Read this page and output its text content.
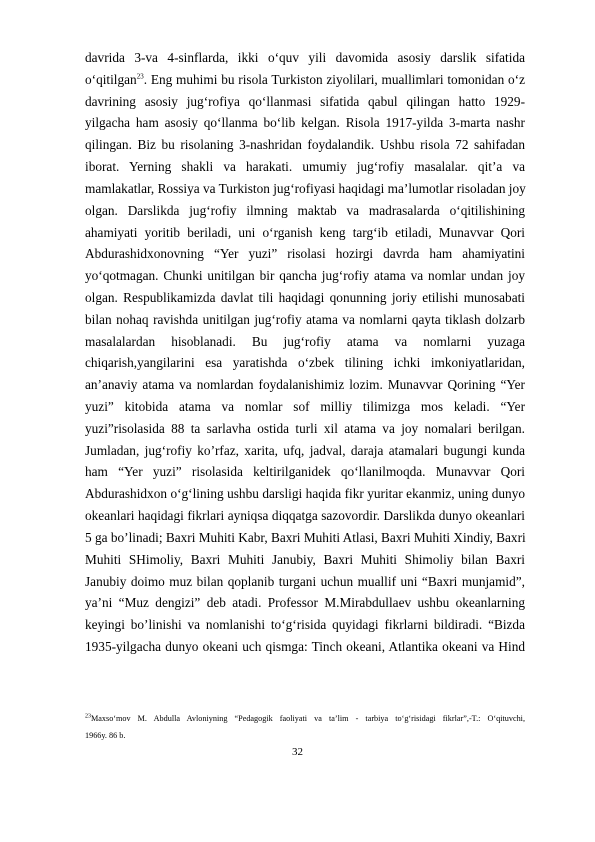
davrida 3-va 4-sinflarda, ikki o‘quv yili davomida asosiy darslik sifatida
o‘qitilgan$^{23}$. Eng muhimi bu risola Turkiston ziyolilari, muallimlari tomonidan o‘z
davrining asosiy jug‘rofiya qo‘llanmasi sifatida qabul qilingan hatto 1929-
yilgacha ham asosiy qo‘llanma bo‘lib kelgan. Risola 1917-yilda 3-marta nashr
qilingan. Biz bu risolaning 3-nashridan foydalandik. Ushbu risola 72 sahifadan
iborat. Yerning shakli va harakati. umumiy jug‘rofiy masalalar. qit’a va
mamlakatlar, Rossiya va Turkiston jug‘rofiyasi haqidagi ma’lumotlar risoladan joy
olgan. Darslikda jug‘rofiy ilmning maktab va madrasalarda o‘qitilishining
ahamiyati yoritib beriladi, uni o‘rganish keng targ‘ib etiladi, Munavvar Qori
Abdurashidxonovning “Yer yuzi” risolasi hozirgi davrda ham ahamiyatini
yo‘qotmagan. Chunki unitilgan bir qancha jug‘rofiy atama va nomlar undan joy
olgan. Respublikamizda davlat tili haqidagi qonunning joriy etilishi munosabati
bilan nohaq ravishda unitilgan jug‘rofiy atama va nomlarni qayta tiklash dolzarb
masalalardan hisoblanadi. Bu jug‘rofiy atama va nomlarni yuzaga
chiqarish,yangilarini esa yaratishda o‘zbek tilining ichki imkoniyatlaridan,
an’anaviy atama va nomlardan foydalanishimiz lozim. Munavvar Qorining “Yer
yuzi” kitobida atama va nomlar sof milliy tilimizga mos keladi. “Yer
yuzi”risolasida 88 ta sarlavha ostida turli xil atama va joy nomalari berilgan.
Jumladan, jug‘rofiy ko’rfaz, xarita, ufq, jadval, daraja atamalari bugungi kunda
ham “Yer yuzi” risolasida keltirilganidek qo‘llanilmoqda. Munavvar Qori
Abdurashidxon o‘g‘lining ushbu darsligi haqida fikr yuritar ekanmiz, uning dunyo
okeanlari haqidagi fikrlari ayniqsa diqqatga sazovordir. Darslikda dunyo okeanlari
5 ga bo’linadi; Baxri Muhiti Kabr, Baxri Muhiti Atlasi, Baxri Muhiti Xindiy, Baxri
Muhiti SHimoliy, Baxri Muhiti Janubiy, Baxri Muhiti Shimoliy bilan Baxri
Janubiy doimo muz bilan qoplanib turgani uchun muallif uni “Baxri munjamid”,
ya’ni “Muz dengizi” deb atadi. Professor M.Mirabdullaev ushbu okeanlarning
keyingi bo’linishi va nomlanishi to‘g‘risida quyidagi fikrlarni bildiradi. “Bizda
1935-yilgacha dunyo okeani uch qismga: Tinch okeani, Atlantika okeani va Hind
$^{23}$Maxsо‘mov M. Abdulla Avloniyning “Pedagogik faoliyati va ta’lim - tarbiya to‘g‘risidagi fikrlar”,-T.: O‘qituvchi,
1966y. 86 b.
32
